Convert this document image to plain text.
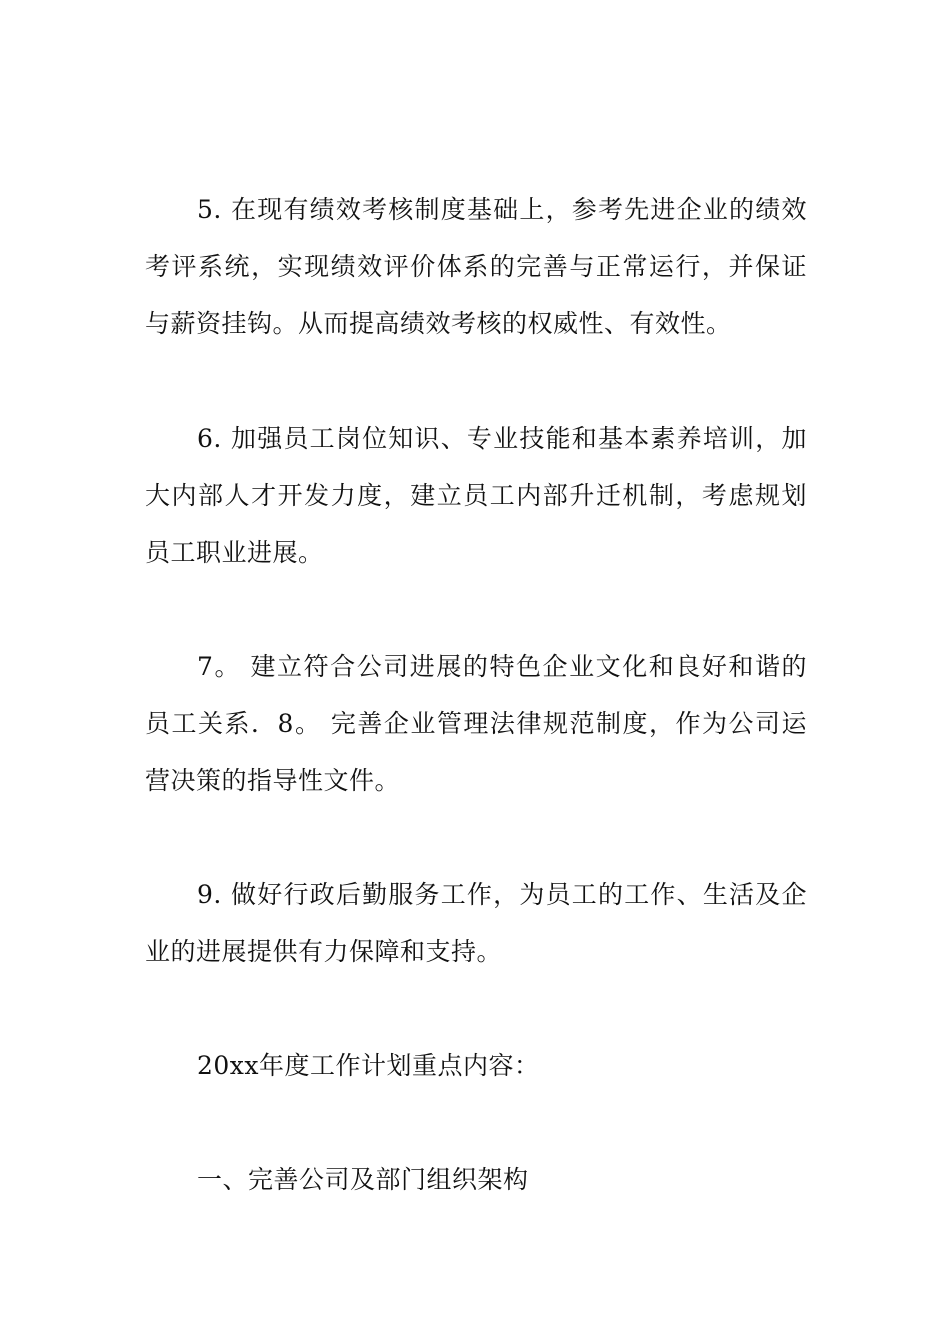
5. 在现有绩效考核制度基础上，参考先进企业的绩效考评系统，实现绩效评价体系的完善与正常运行，并保证与薪资挂钩。从而提高绩效考核的权威性、有效性。

6. 加强员工岗位知识、专业技能和基本素养培训，加大内部人才开发力度，建立员工内部升迁机制，考虑规划员工职业进展。

7。 建立符合公司进展的特色企业文化和良好和谐的员工关系．8。 完善企业管理法律规范制度，作为公司运营决策的指导性文件。

9. 做好行政后勤服务工作，为员工的工作、生活及企业的进展提供有力保障和支持。

20xx年度工作计划重点内容：

一、完善公司及部门组织架构
